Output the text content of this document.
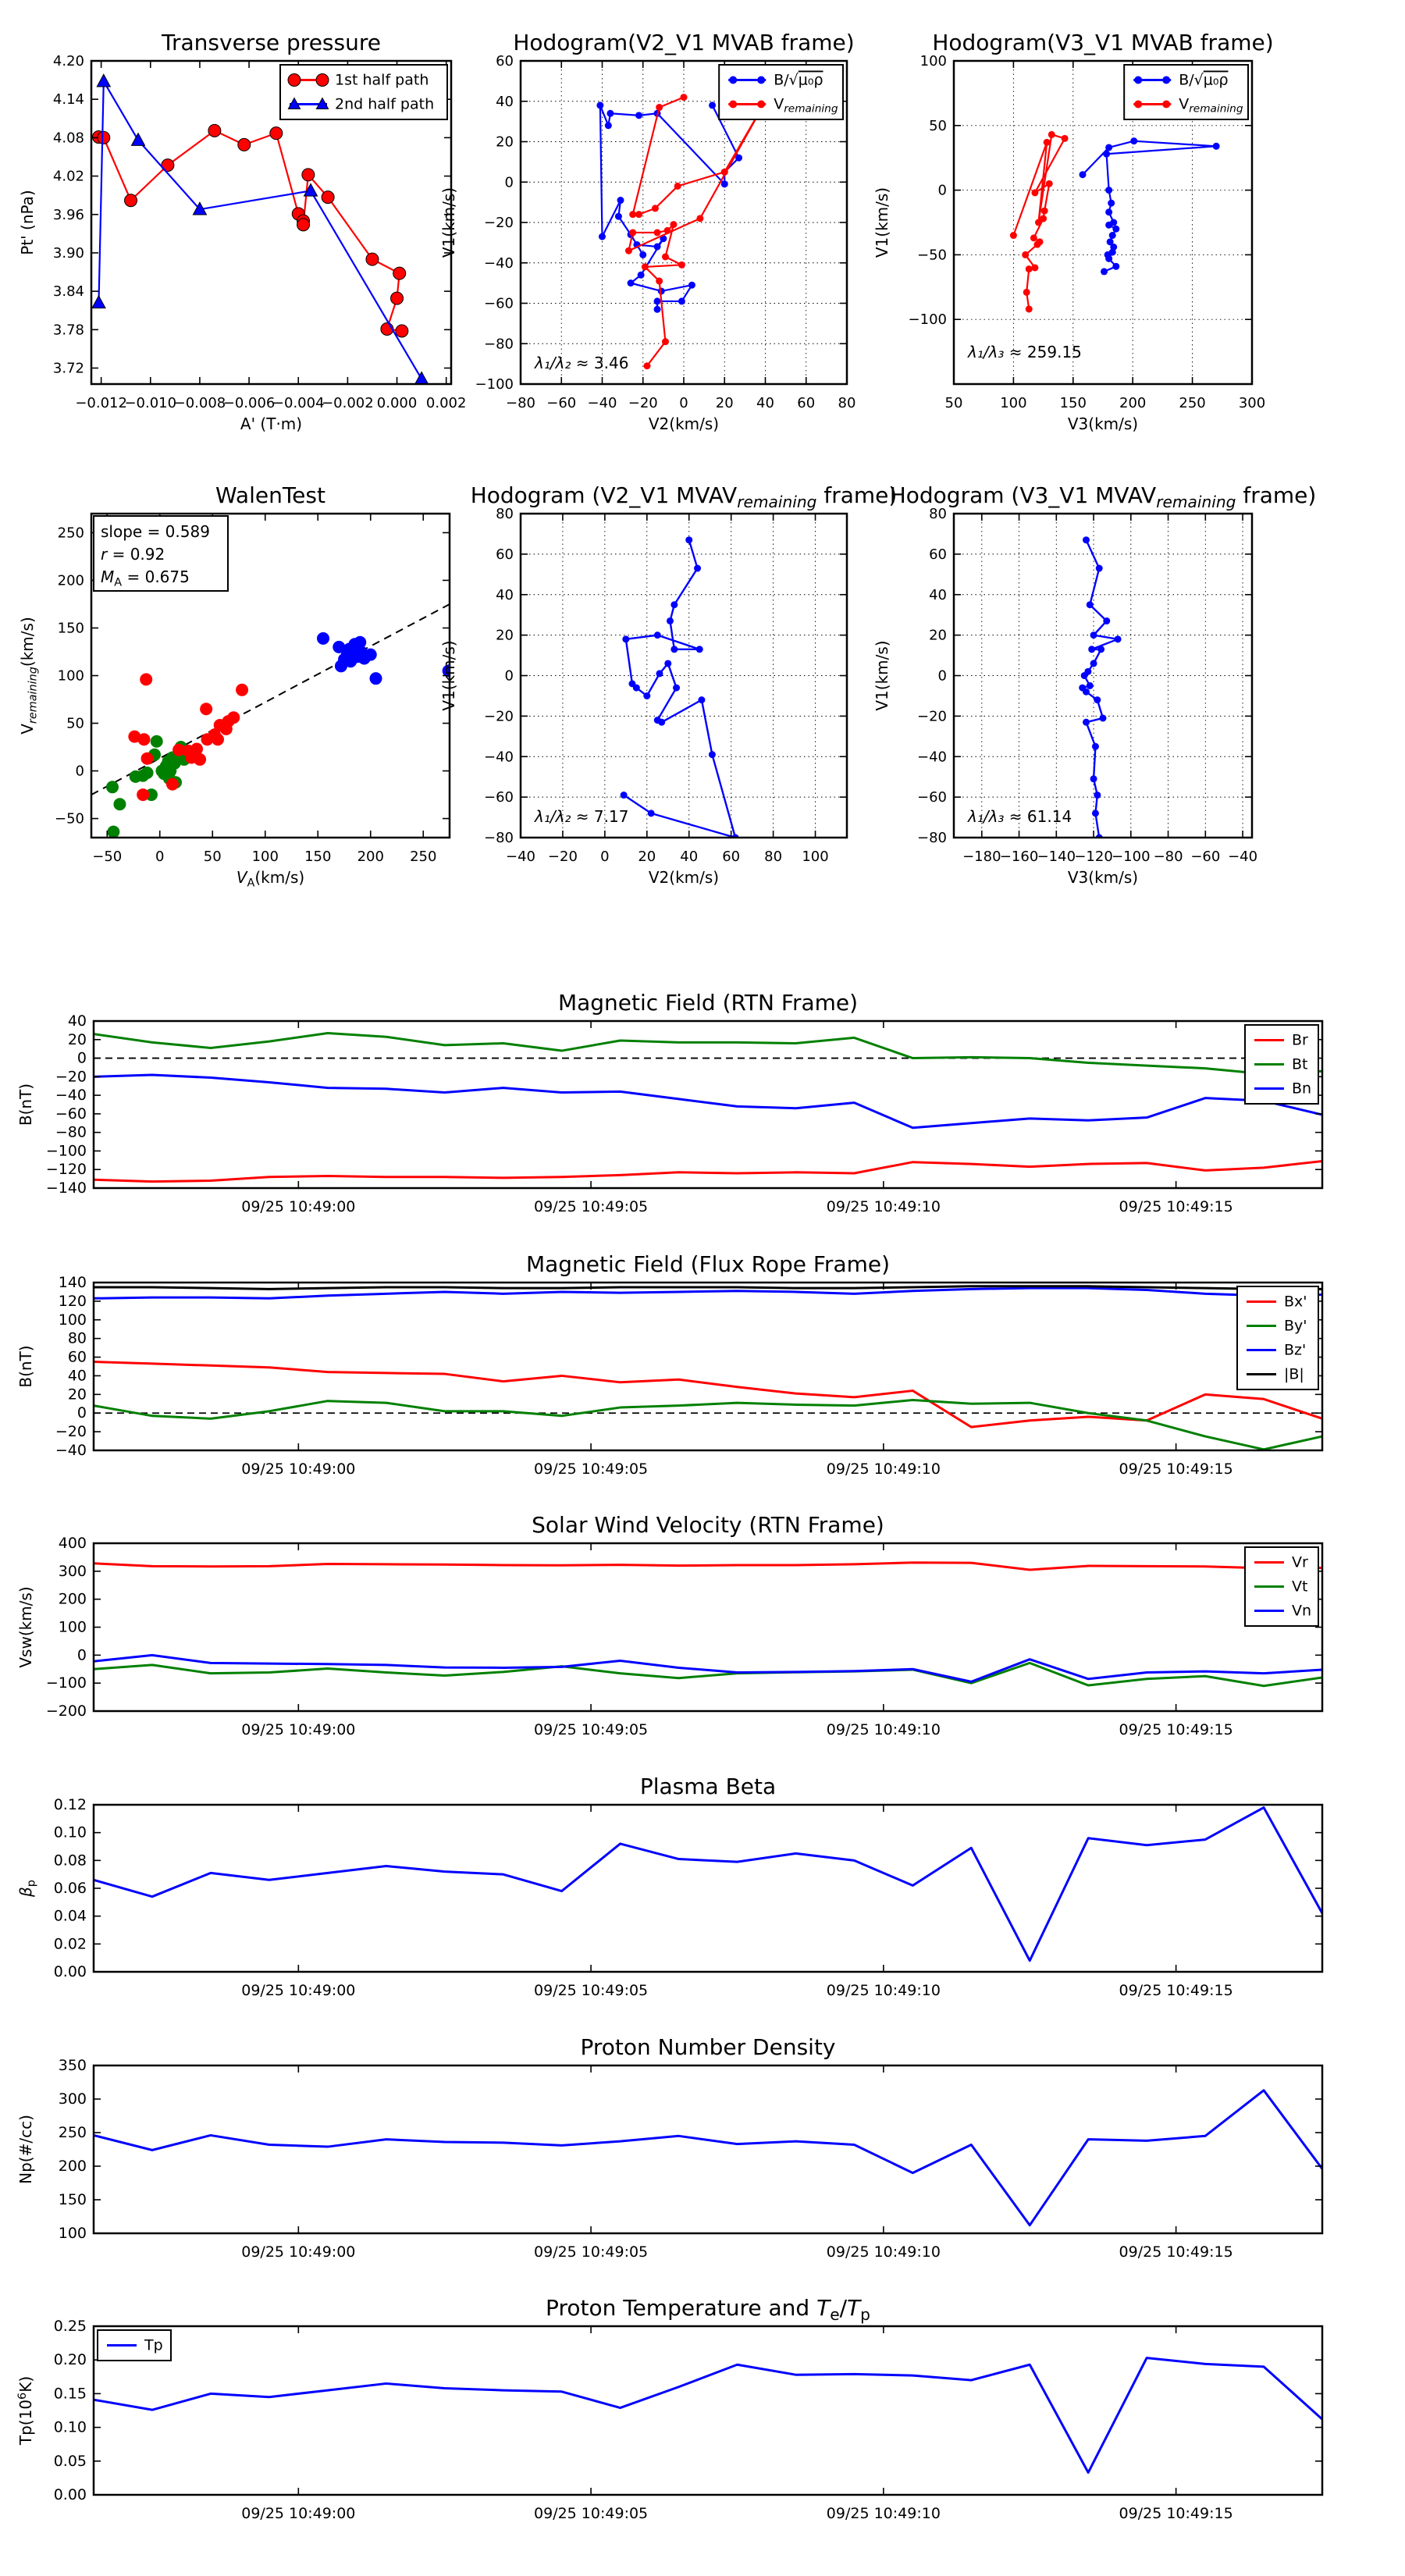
−0.012
−0.010
−0.008
−0.006
−0.004
−0.002 0.000 0.002
3.72
3.78
3.84
3.90
3.96
4.02
4.08
4.14
4.20
Transverse pressure
A' (T·m)
Pt' (nPa)
1st half path
2nd half path
−80 −60 −40 −20 0 20 40 60 80
−100
−80
−60
−40
−20
0
20
40
60
Hodogram(V2_V1 MVAB frame)
V2(km/s)
V1(km/s)
λ₁/λ₂ ≈ 3.46
B/√μ₀ρ
$V_{remaining}$
50	100 150 200 250 300
−100
−50
0
50
100
Hodogram(V3_V1 MVAB frame)
V3(km/s)
V1(km/s)
λ₁/λ₃ ≈ 259.15
B/√μ₀ρ
$V_{remaining}$
−50 0	50 100 150 200 250
−50
0
50
100
150
200
250
WalenTest
$V_A(km/s)$
$V_{remaining}(km/s)$
slope = 0.589
r = 0.92
$M_A = 0.675$
−40 −20 0 20 40 60 80 100
−80
−60
−40
−20
0
20
40
60
80
Hodogram (V2_V1 $MVAV_{remaining}$ frame)
V2(km/s)
V1(km/s)
λ₁/λ₂ ≈ 7.17
−180
−160
−140
−120
−100 −80 −60 −40
−80
−60
−40
−20
0
20
40
60
80
Hodogram (V3_V1 $MVAV_{remaining}$ frame)
V3(km/s)
V1(km/s)
λ₁/λ₃ ≈ 61.14
09/25 10:49:00	09/25 10:49:05	09/25 10:49:10	09/25 10:49:15
−140
−120
−100
−80
−60
−40
−20
0
20
40
Magnetic Field (RTN Frame)
B(nT)
Br
Bt
Bn
09/25 10:49:00	09/25 10:49:05	09/25 10:49:10	09/25 10:49:15
−40
−20
0
20
40
60
80
100
120
140
Magnetic Field (Flux Rope Frame)
B(nT)
Bx'
By'
Bz'
|B|
09/25 10:49:00	09/25 10:49:05	09/25 10:49:10	09/25 10:49:15
−200
−100
0
100
200
300
400
Solar Wind Velocity (RTN Frame)
Vsw(km/s)
Vr
Vt
Vn
09/25 10:49:00	09/25 10:49:05	09/25 10:49:10	09/25 10:49:15
0.00
0.02
0.04
0.06
0.08
0.10
0.12
Plasma Beta
$\beta_p$
09/25 10:49:00	09/25 10:49:05	09/25 10:49:10	09/25 10:49:15
100
150
200
250
300
350
Proton Number Density
Np(#/cc)
09/25 10:49:00	09/25 10:49:05	09/25 10:49:10	09/25 10:49:15
0.00
0.05
0.10
0.15
0.20
0.25
Proton Temperature and $T_e/T_p$
$Tp(10^6K)$
Tp
